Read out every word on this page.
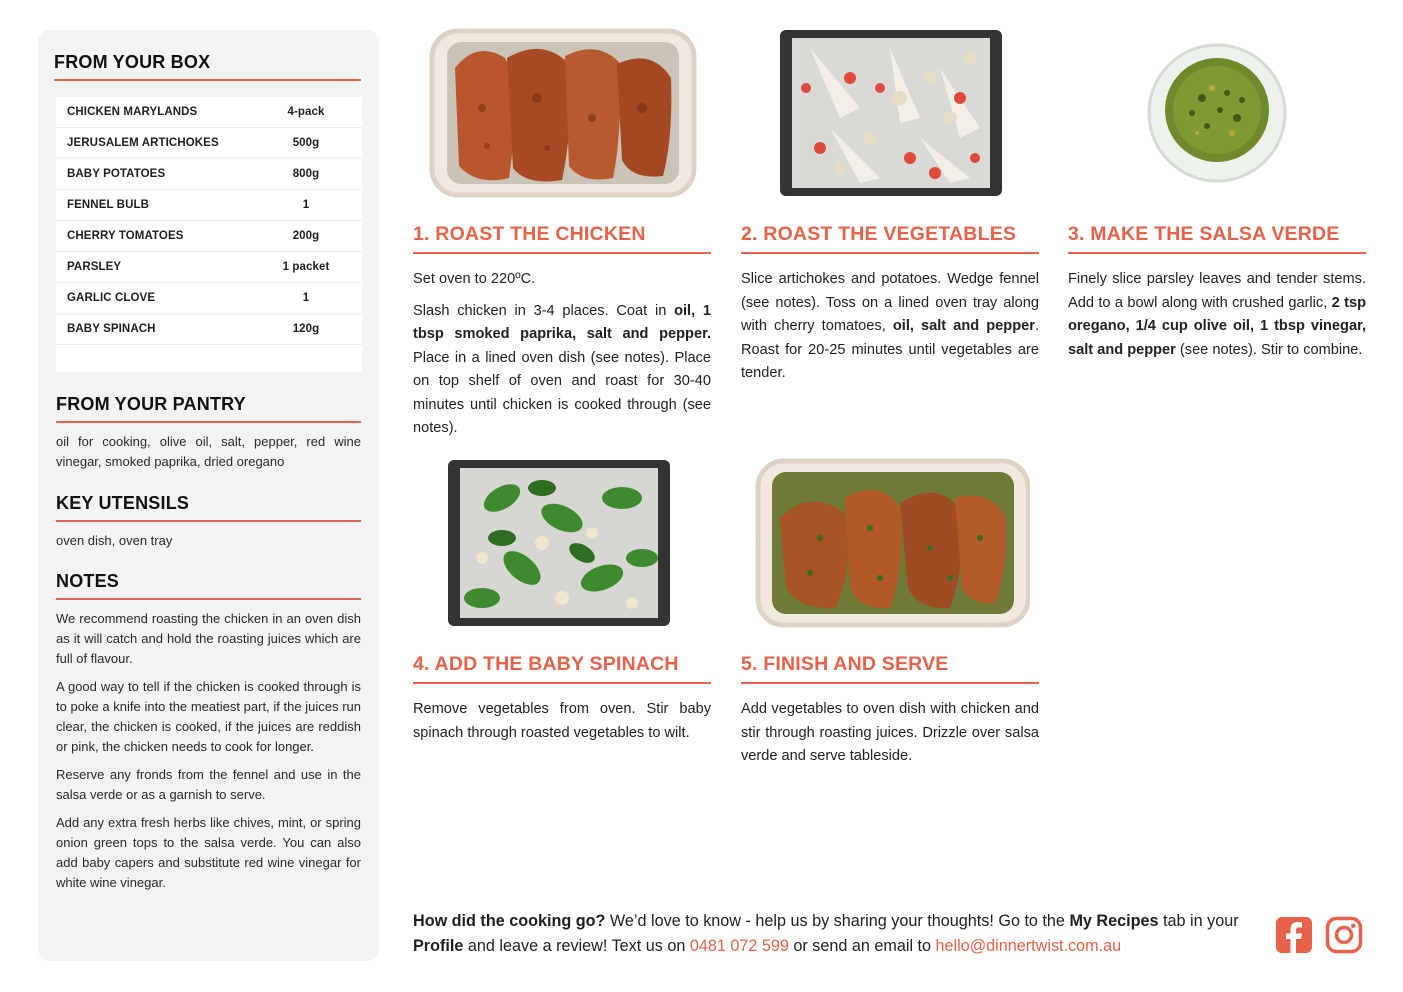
FROM YOUR BOX
CHICKEN MARYLANDS	4-pack
JERUSALEM ARTICHOKES	500g
BABY POTATOES	800g
FENNEL BULB	1
CHERRY TOMATOES	200g
PARSLEY	1 packet
GARLIC CLOVE	1
BABY SPINACH	120g
FROM YOUR PANTRY
oil for cooking, olive oil, salt, pepper, red wine vinegar, smoked paprika, dried oregano
KEY UTENSILS
oven dish, oven tray
NOTES

We recommend roasting the chicken in an oven dish as it will catch and hold the roasting juices which are full of flavour.

A good way to tell if the chicken is cooked through is to poke a knife into the meatiest part, if the juices run clear, the chicken is cooked, if the juices are reddish or pink, the chicken needs to cook for longer.

Reserve any fronds from the fennel and use in the salsa verde or as a garnish to serve.

Add any extra fresh herbs like chives, mint, or spring onion green tops to the salsa verde. You can also add baby capers and substitute red wine vinegar for white wine vinegar.

1. ROAST THE CHICKEN

Set oven to 220ºC.

Slash chicken in 3-4 places. Coat in oil, 1 tbsp smoked paprika, salt and pepper. Place in a lined oven dish (see notes). Place on top shelf of oven and roast for 30-40 minutes until chicken is cooked through (see notes).

2. ROAST THE VEGETABLES

Slice artichokes and potatoes. Wedge fennel (see notes). Toss on a lined oven tray along with cherry tomatoes, oil, salt and pepper. Roast for 20-25 minutes until vegetables are tender.

3. MAKE THE SALSA VERDE

Finely slice parsley leaves and tender stems. Add to a bowl along with crushed garlic, 2 tsp oregano, 1/4 cup olive oil, 1 tbsp vinegar, salt and pepper (see notes). Stir to combine.

4. ADD THE BABY SPINACH

Remove vegetables from oven. Stir baby spinach through roasted vegetables to wilt.

5. FINISH AND SERVE

Add vegetables to oven dish with chicken and stir through roasting juices. Drizzle over salsa verde and serve tableside.

How did the cooking go? We’d love to know - help us by sharing your thoughts! Go to the My Recipes tab in your Profile and leave a review! Text us on 0481 072 599 or send an email to hello@dinnertwist.com.au
